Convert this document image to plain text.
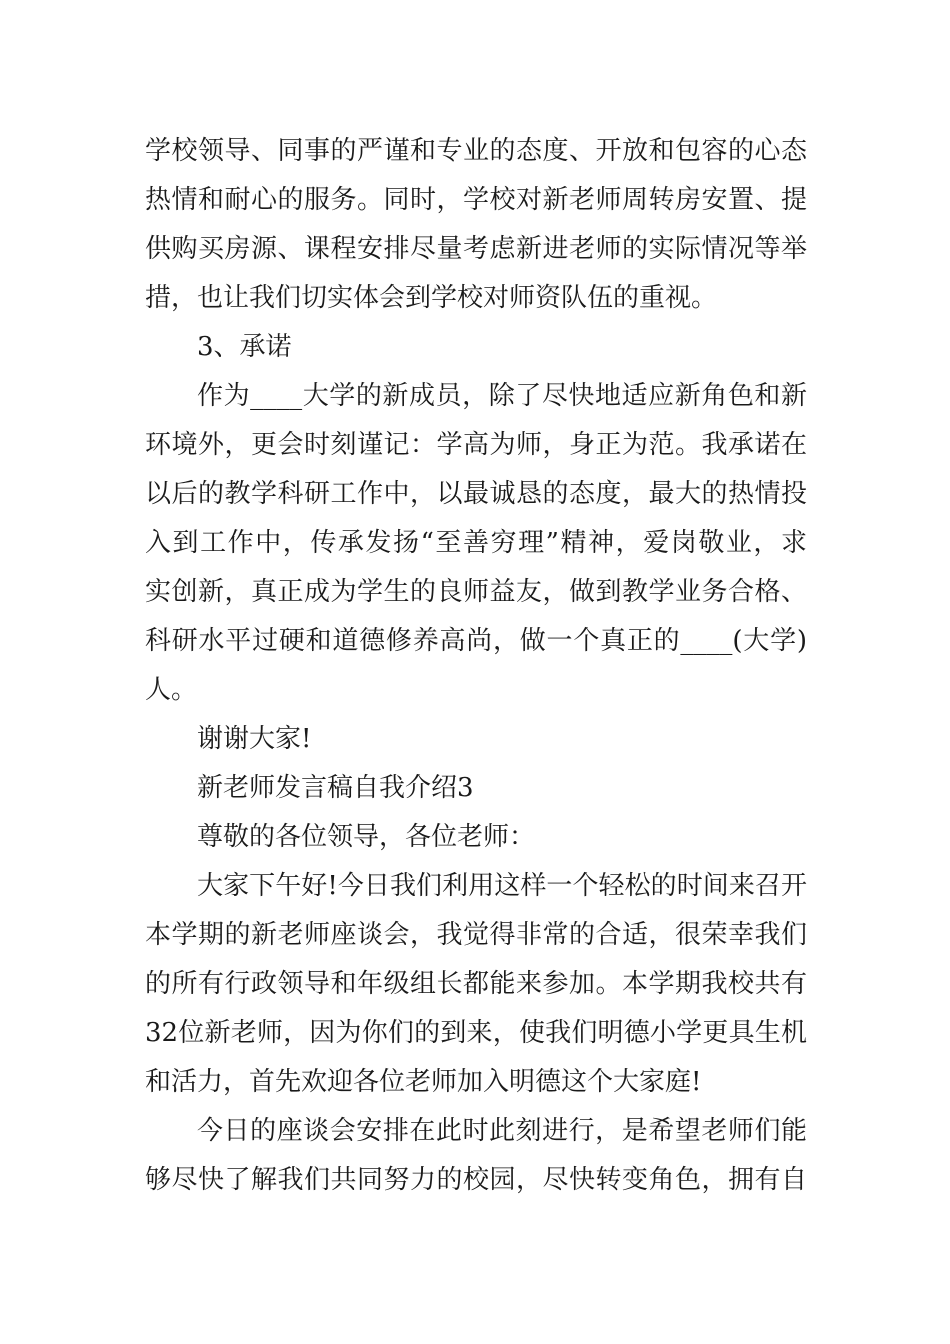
学校领导、同事的严谨和专业的态度、开放和包容的心态
热情和耐心的服务。同时，学校对新老师周转房安置、提
供购买房源、课程安排尽量考虑新进老师的实际情况等举
措，也让我们切实体会到学校对师资队伍的重视。
3、承诺
作为____大学的新成员，除了尽快地适应新角色和新
环境外，更会时刻谨记：学高为师，身正为范。我承诺在
以后的教学科研工作中，以最诚恳的态度，最大的热情投
入到工作中，传承发扬“至善穷理”精神，爱岗敬业，求
实创新，真正成为学生的良师益友，做到教学业务合格、
科研水平过硬和道德修养高尚，做一个真正的____(大学)
人。
谢谢大家!
新老师发言稿自我介绍3
尊敬的各位领导，各位老师：
大家下午好!今日我们利用这样一个轻松的时间来召开
本学期的新老师座谈会，我觉得非常的合适，很荣幸我们
的所有行政领导和年级组长都能来参加。本学期我校共有
32位新老师，因为你们的到来，使我们明德小学更具生机
和活力，首先欢迎各位老师加入明德这个大家庭!
今日的座谈会安排在此时此刻进行，是希望老师们能
够尽快了解我们共同努力的校园，尽快转变角色，拥有自
